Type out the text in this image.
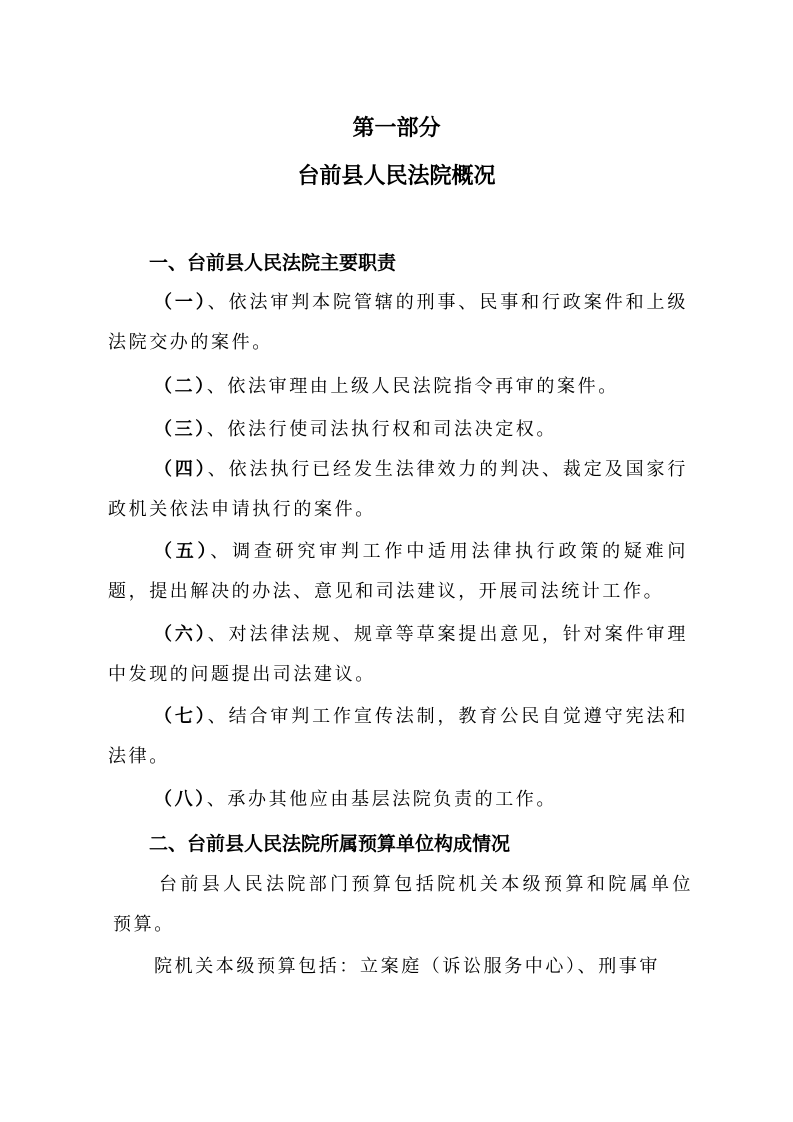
第一部分
台前县人民法院概况
一、台前县人民法院主要职责
（一）、依法审判本院管辖的刑事、民事和行政案件和上级法院交办的案件。
（二）、依法审理由上级人民法院指令再审的案件。
（三）、依法行使司法执行权和司法决定权。
（四）、依法执行已经发生法律效力的判决、裁定及国家行政机关依法申请执行的案件。
（五）、调查研究审判工作中适用法律执行政策的疑难问题，提出解决的办法、意见和司法建议，开展司法统计工作。
（六）、对法律法规、规章等草案提出意见，针对案件审理中发现的问题提出司法建议。
（七）、结合审判工作宣传法制，教育公民自觉遵守宪法和法律。
（八）、承办其他应由基层法院负责的工作。
二、台前县人民法院所属预算单位构成情况
台前县人民法院部门预算包括院机关本级预算和院属单位预算。
院机关本级预算包括：立案庭（诉讼服务中心）、刑事审
